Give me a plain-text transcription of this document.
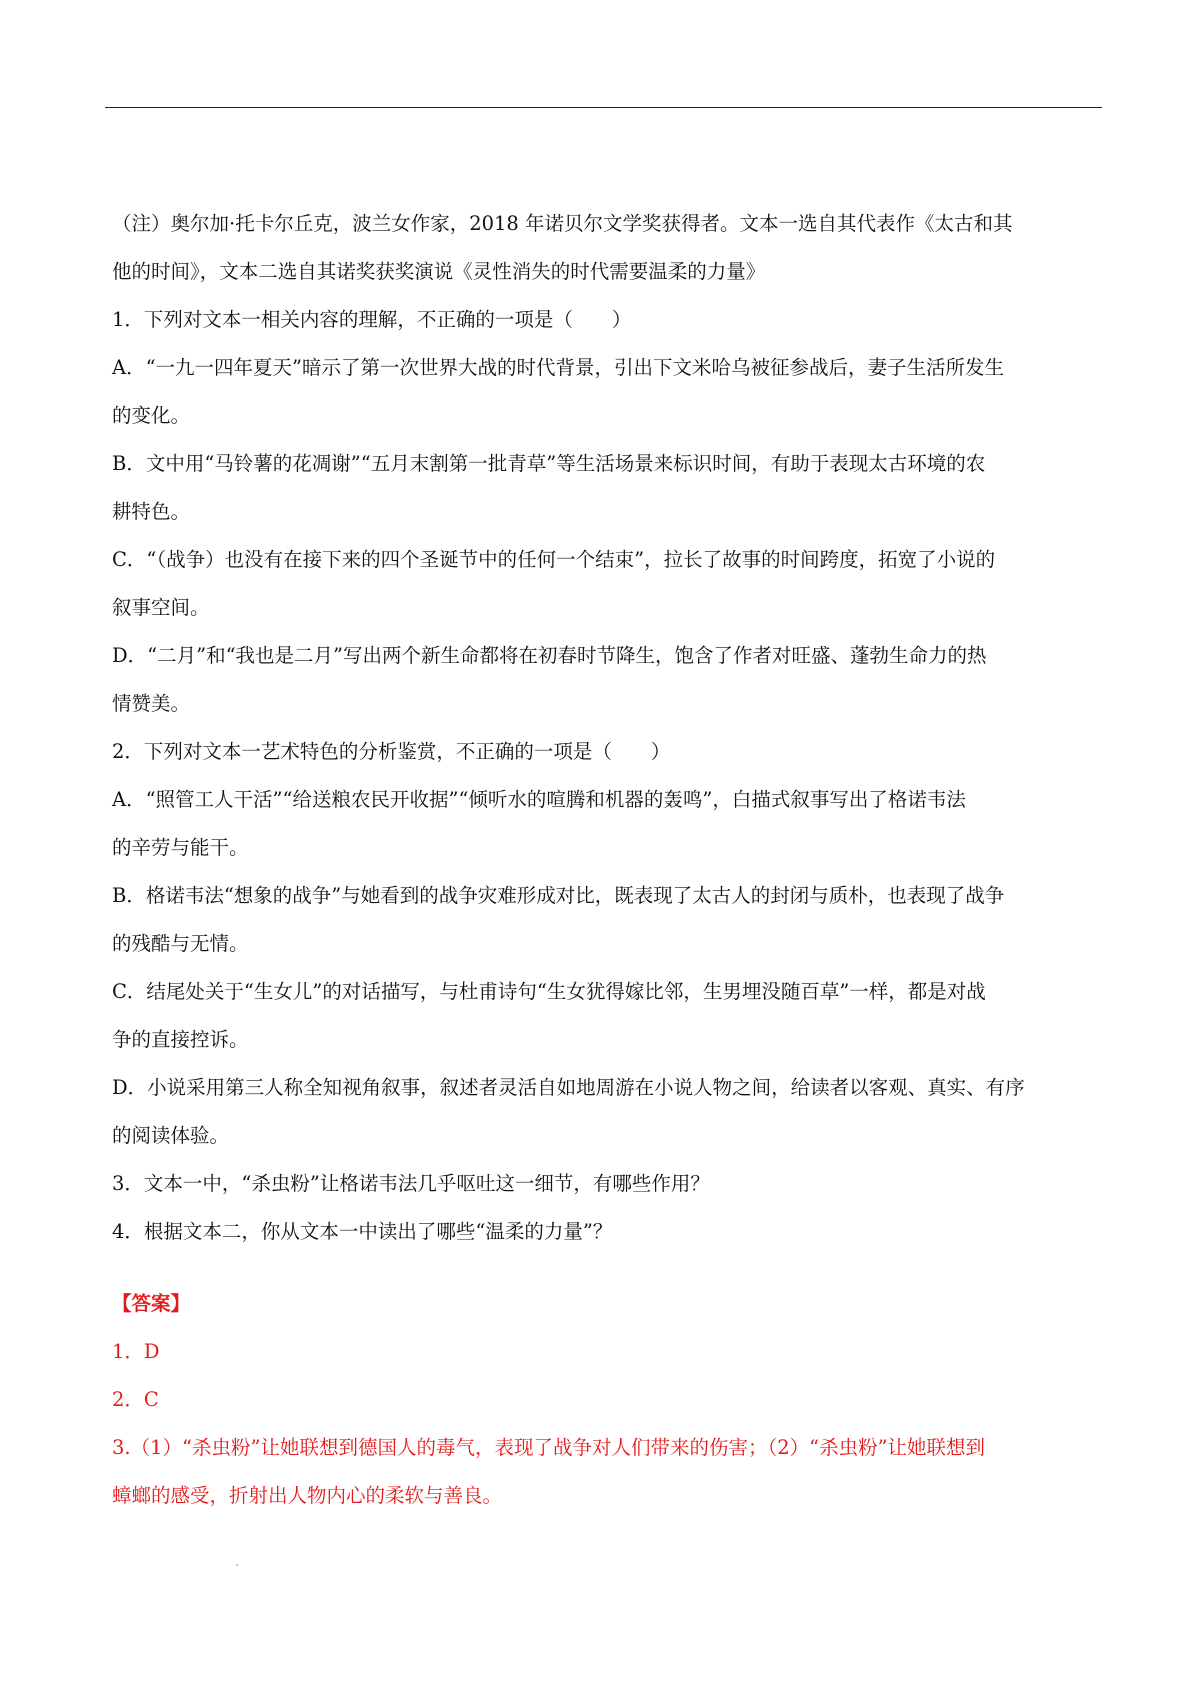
（注）奥尔加·托卡尔丘克，波兰女作家，2018 年诺贝尔文学奖获得者。文本一选自其代表作《太古和其

他的时间》，文本二选自其诺奖获奖演说《灵性消失的时代需要温柔的力量》

1．下列对文本一相关内容的理解，不正确的一项是（　　）

A．“一九一四年夏天”暗示了第一次世界大战的时代背景，引出下文米哈乌被征参战后，妻子生活所发生

的变化。

B．文中用“马铃薯的花凋谢”“五月末割第一批青草”等生活场景来标识时间，有助于表现太古环境的农

耕特色。

C．“（战争）也没有在接下来的四个圣诞节中的任何一个结束”，拉长了故事的时间跨度，拓宽了小说的

叙事空间。

D．“二月”和“我也是二月”写出两个新生命都将在初春时节降生，饱含了作者对旺盛、蓬勃生命力的热

情赞美。

2．下列对文本一艺术特色的分析鉴赏，不正确的一项是（　　）

A．“照管工人干活”“给送粮农民开收据”“倾听水的喧腾和机器的轰鸣”，白描式叙事写出了格诺韦法

的辛劳与能干。

B．格诺韦法“想象的战争”与她看到的战争灾难形成对比，既表现了太古人的封闭与质朴，也表现了战争

的残酷与无情。

C．结尾处关于“生女儿”的对话描写，与杜甫诗句“生女犹得嫁比邻，生男埋没随百草”一样，都是对战

争的直接控诉。

D．小说采用第三人称全知视角叙事，叙述者灵活自如地周游在小说人物之间，给读者以客观、真实、有序

的阅读体验。

3．文本一中，“杀虫粉”让格诺韦法几乎呕吐这一细节，有哪些作用？

4．根据文本二，你从文本一中读出了哪些“温柔的力量”？

【答案】

1．D

2．C

3.（1）“杀虫粉”让她联想到德国人的毒气，表现了战争对人们带来的伤害；（2）“杀虫粉”让她联想到

蟑螂的感受，折射出人物内心的柔软与善良。
